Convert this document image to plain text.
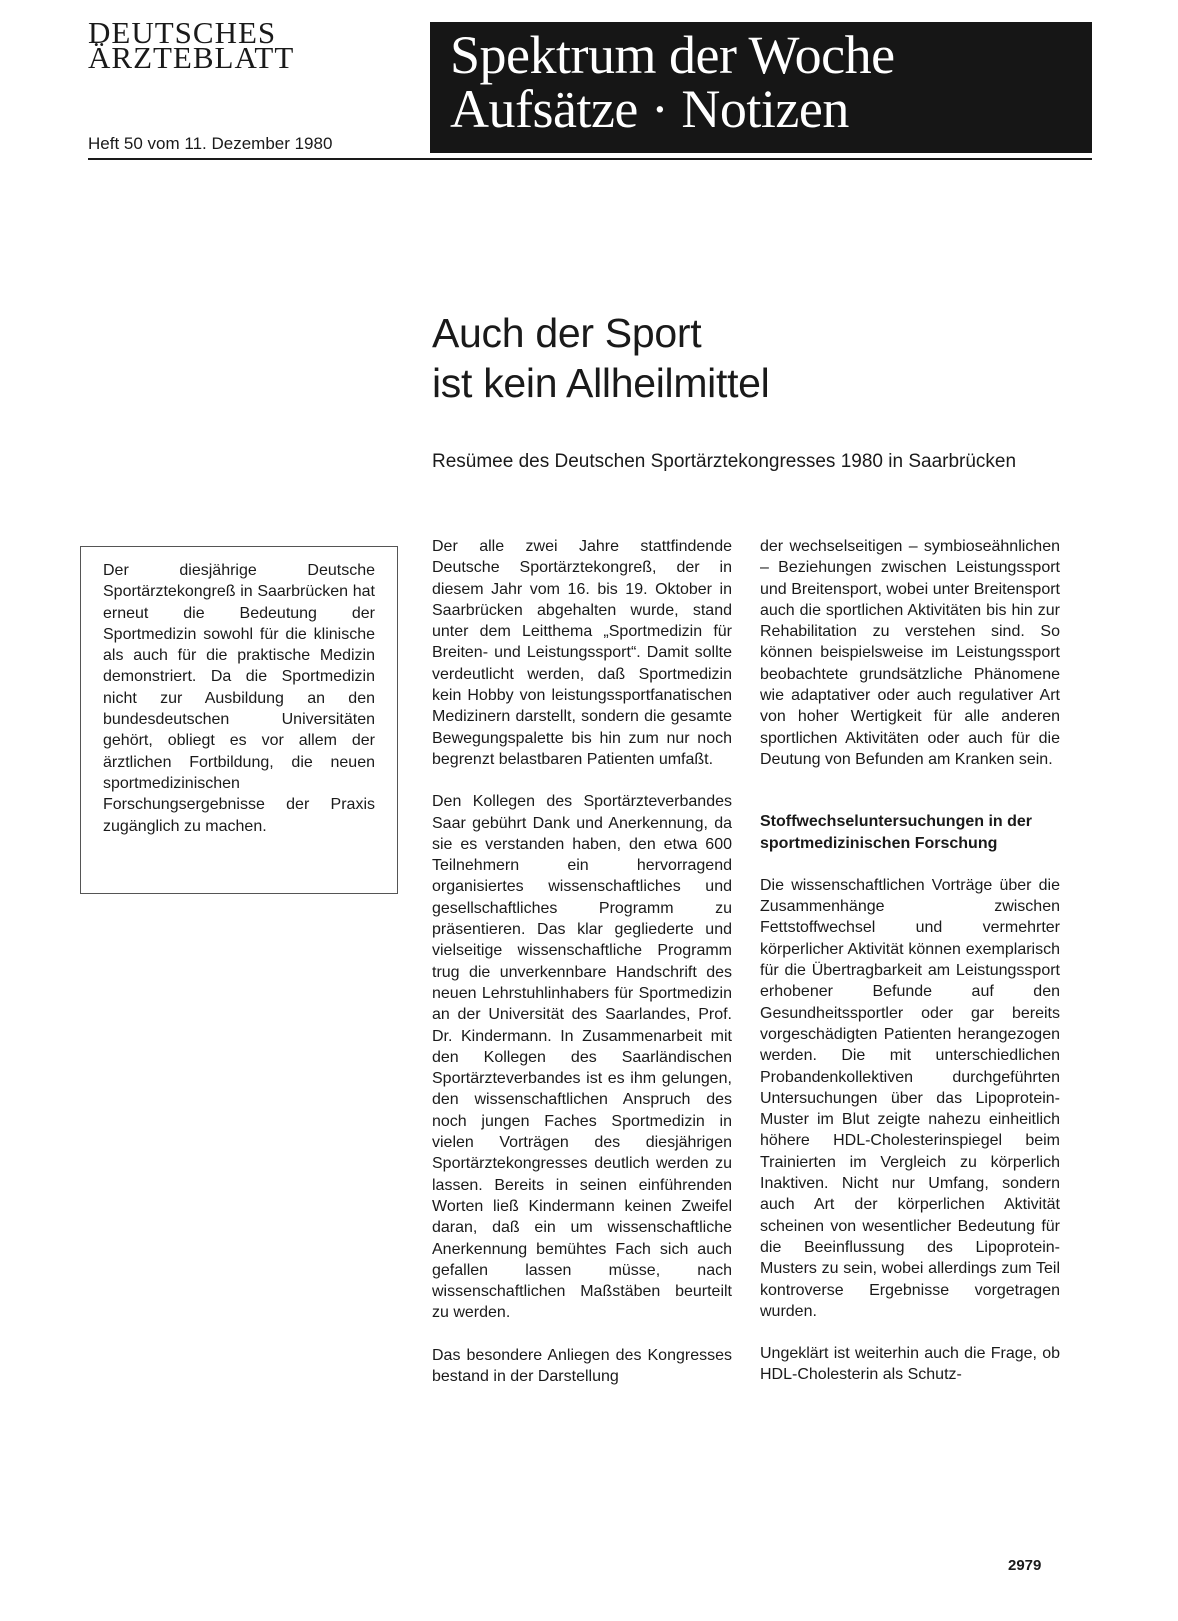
DEUTSCHES
ÄRZTEBLATT
Heft 50 vom 11. Dezember 1980
Spektrum der Woche
Aufsätze · Notizen
Auch der Sport
ist kein Allheilmittel
Resümee des Deutschen Sportärztekongresses 1980 in Saarbrücken

Der diesjährige Deutsche Sportärztekongreß in Saarbrücken hat erneut die Bedeutung der Sportmedizin sowohl für die klinische als auch für die praktische Medizin demonstriert. Da die Sportmedizin nicht zur Ausbildung an den bundesdeutschen Universitäten gehört, obliegt es vor allem der ärztlichen Fortbildung, die neuen sportmedizinischen Forschungsergebnisse der Praxis zugänglich zu machen.

Der alle zwei Jahre stattfindende Deutsche Sportärztekongreß, der in diesem Jahr vom 16. bis 19. Oktober in Saarbrücken abgehalten wurde, stand unter dem Leitthema „Sportmedizin für Breiten- und Leistungssport“. Damit sollte verdeutlicht werden, daß Sportmedizin kein Hobby von leistungssportfanatischen Medizinern darstellt, sondern die gesamte Bewegungspalette bis hin zum nur noch begrenzt belastbaren Patienten umfaßt.

Den Kollegen des Sportärzteverbandes Saar gebührt Dank und Anerkennung, da sie es verstanden haben, den etwa 600 Teilnehmern ein hervorragend organisiertes wissenschaftliches und gesellschaftliches Programm zu präsentieren. Das klar gegliederte und vielseitige wissenschaftliche Programm trug die unverkennbare Handschrift des neuen Lehrstuhlinhabers für Sportmedizin an der Universität des Saarlandes, Prof. Dr. Kindermann. In Zusammenarbeit mit den Kollegen des Saarländischen Sportärzteverbandes ist es ihm gelungen, den wissenschaftlichen Anspruch des noch jungen Faches Sportmedizin in vielen Vorträgen des diesjährigen Sportärztekongresses deutlich werden zu lassen. Bereits in seinen einführenden Worten ließ Kindermann keinen Zweifel daran, daß ein um wissenschaftliche Anerkennung bemühtes Fach sich auch gefallen lassen müsse, nach wissenschaftlichen Maßstäben beurteilt zu werden.

Das besondere Anliegen des Kongresses bestand in der Darstellung

der wechselseitigen – symbioseähnlichen – Beziehungen zwischen Leistungssport und Breitensport, wobei unter Breitensport auch die sportlichen Aktivitäten bis hin zur Rehabilitation zu verstehen sind. So können beispielsweise im Leistungssport beobachtete grundsätzliche Phänomene wie adaptativer oder auch regulativer Art von hoher Wertigkeit für alle anderen sportlichen Aktivitäten oder auch für die Deutung von Befunden am Kranken sein.

Stoffwechseluntersuchungen in der sportmedizinischen Forschung

Die wissenschaftlichen Vorträge über die Zusammenhänge zwischen Fettstoffwechsel und vermehrter körperlicher Aktivität können exemplarisch für die Übertragbarkeit am Leistungssport erhobener Befunde auf den Gesundheitssportler oder gar bereits vorgeschädigten Patienten herangezogen werden. Die mit unterschiedlichen Probandenkollektiven durchgeführten Untersuchungen über das Lipoprotein-Muster im Blut zeigte nahezu einheitlich höhere HDL-Cholesterinspiegel beim Trainierten im Vergleich zu körperlich Inaktiven. Nicht nur Umfang, sondern auch Art der körperlichen Aktivität scheinen von wesentlicher Bedeutung für die Beeinflussung des Lipoprotein-Musters zu sein, wobei allerdings zum Teil kontroverse Ergebnisse vorgetragen wurden.

Ungeklärt ist weiterhin auch die Frage, ob HDL-Cholesterin als Schutz-

2979
